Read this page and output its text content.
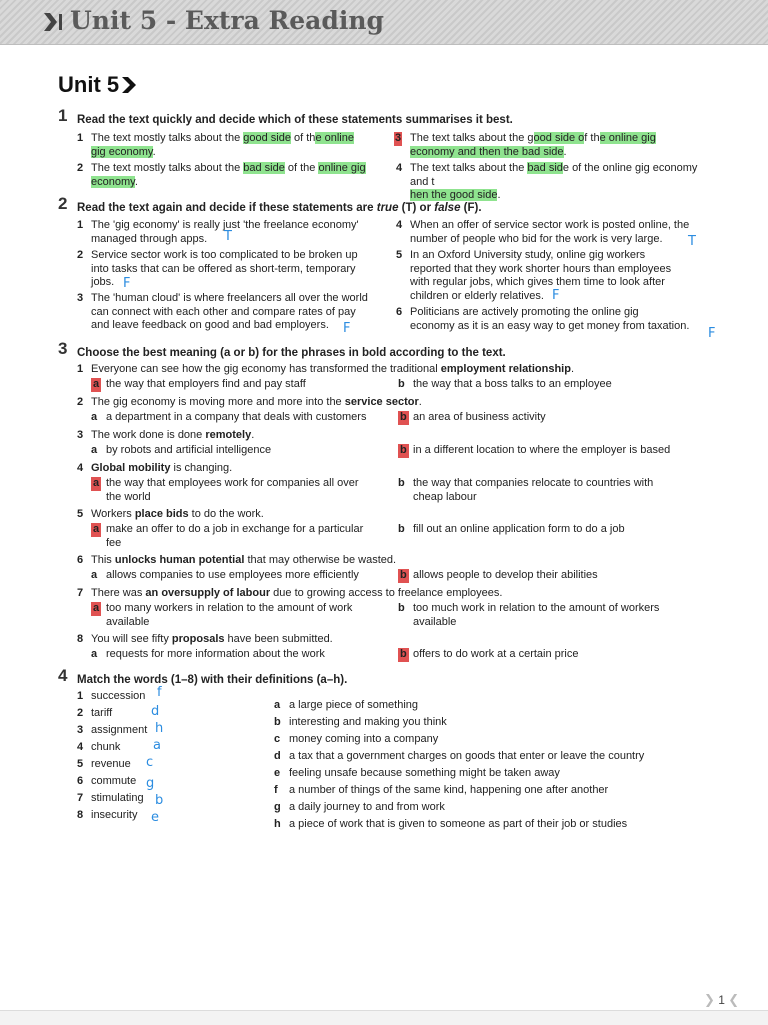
Unit 5 - Extra Reading
Unit 5
1 Read the text quickly and decide which of these statements summarises it best.
1 The text mostly talks about the good side of the online
gig economy.
2 The text mostly talks about the bad side of the online gig
economy.
3 The text talks about the good side of the online gig
economy and then the bad side.
4 The text talks about the bad side of the online gig economy and t
hen the good side.
2 Read the text again and decide if these statements are true (T) or false (F).
1 The 'gig economy' is really just 'the freelance economy'
managed through apps.	T
2 Service sector work is too complicated to be broken up
into tasks that can be offered as short-term, temporary
jobs. F
3 The 'human cloud' is where freelancers all over the world
can connect with each other and compare rates of pay
and leave feedback on good and bad employers.	F
4 When an offer of service sector work is posted online, the
number of people who bid for the work is very large.	T
5 In an Oxford University study, online gig workers
reported that they work shorter hours than employees
with regular jobs, which gives them time to look after
children or elderly relatives. F
6 Politicians are actively promoting the online gig
economy as it is an easy way to get money from taxation.
F
3 Choose the best meaning (a or b) for the phrases in bold according to the text.
1 Everyone can see how the gig economy has transformed the traditional employment relationship.
a the way that employers find and pay staff	b the way that a boss talks to an employee
2 The gig economy is moving more and more into the service sector.
a a department in a company that deals with customers	b an area of business activity
3 The work done is done remotely.
a by robots and artificial intelligence	b in a different location to where the employer is based
4 Global mobility is changing.
a the way that employees work for companies all over
the world
b the way that companies relocate to countries with
cheap labour
5 Workers place bids to do the work.
a make an offer to do a job in exchange for a particular
fee
b fill out an online application form to do a job
6 This unlocks human potential that may otherwise be wasted.
a allows companies to use employees more efficiently	b allows people to develop their abilities
7 There was an oversupply of labour due to growing access to freelance employees.
a too many workers in relation to the amount of work
available
b too much work in relation to the amount of workers
available
8 You will see fifty proposals have been submitted.
a requests for more information about the work	b offers to do work at a certain price
4 Match the words (1–8) with their definitions (a–h).
1 succession f
2 tariff	d
3 assignment h
4 chunk	a
5 revenue c
6 commute g
7 stimulating b
8 insecurity e
a a large piece of something
b interesting and making you think
c money coming into a company
d a tax that a government charges on goods that enter or leave the country
e feeling unsafe because something might be taken away
f a number of things of the same kind, happening one after another
g a daily journey to and from work
h a piece of work that is given to someone as part of their job or studies
❯ 1 ❮
